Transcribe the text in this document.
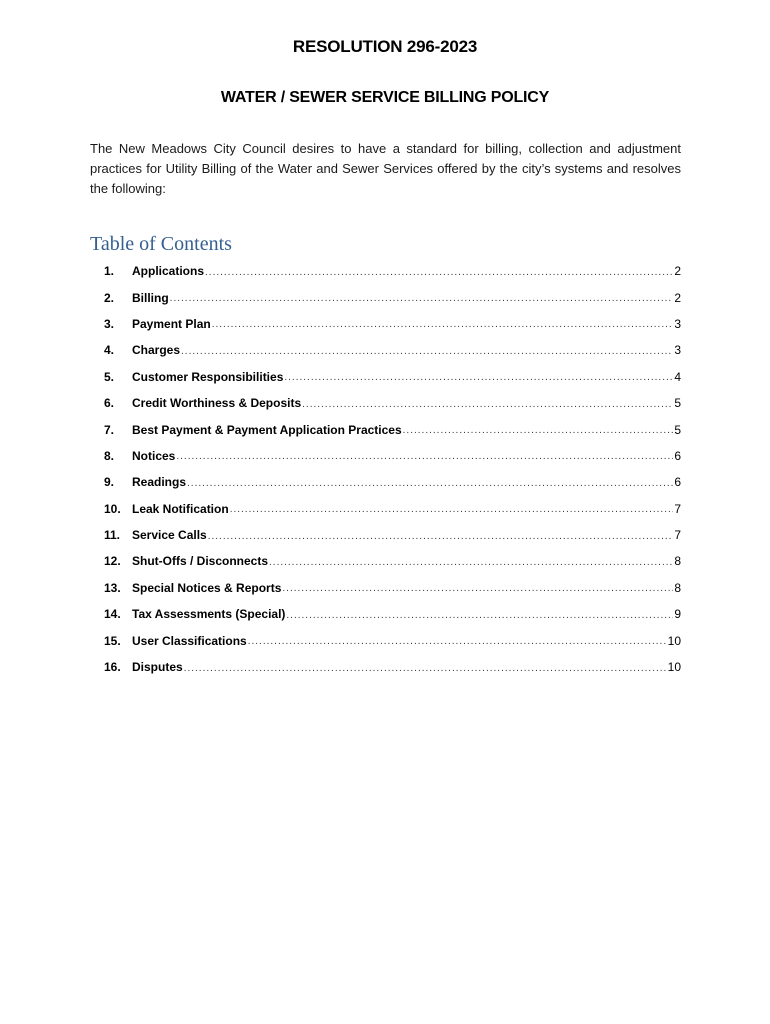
RESOLUTION 296-2023
WATER / SEWER SERVICE BILLING POLICY

The New Meadows City Council desires to have a standard for billing, collection and adjustment practices for Utility Billing of the Water and Sewer Services offered by the city’s systems and resolves the following:

Table of Contents
1.	Applications .....	2
2.	Billing .....	2
3.	Payment Plan .....	3
4.	Charges .....	3
5.	Customer Responsibilities .....	4
6.	Credit Worthiness & Deposits .....	5
7.	Best Payment & Payment Application Practices .....	5
8.	Notices .....	6
9.	Readings .....	6
10. Leak Notification .....	7
11. Service Calls .....	7
12. Shut-Offs / Disconnects .....	8
13. Special Notices & Reports .....	8
14. Tax Assessments (Special) .....	9
15. User Classifications .....	10
16. Disputes .....	10
